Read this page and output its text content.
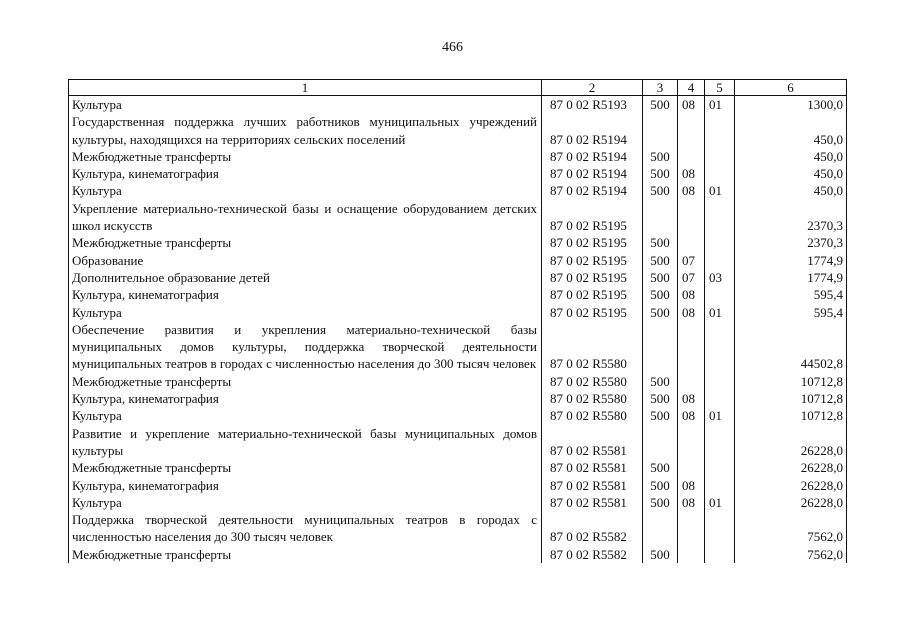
466
1	2	3	4	5	6
Культура	87 0 02 R5193	500	08	01	1300,0
Государственная поддержка лучших работников муниципальных учреждений культуры, находящихся на территориях сельских поселений	87 0 02 R5194				450,0
Межбюджетные трансферты	87 0 02 R5194	500			450,0
Культура, кинематография	87 0 02 R5194	500	08		450,0
Культура	87 0 02 R5194	500	08	01	450,0
Укрепление материально-технической базы и оснащение оборудованием детских школ искусств	87 0 02 R5195				2370,3
Межбюджетные трансферты	87 0 02 R5195	500			2370,3
Образование	87 0 02 R5195	500	07		1774,9
Дополнительное образование детей	87 0 02 R5195	500	07	03	1774,9
Культура, кинематография	87 0 02 R5195	500	08		595,4
Культура	87 0 02 R5195	500	08	01	595,4
Обеспечение развития и укрепления материально-технической базы муниципальных домов культуры, поддержка творческой деятельности муниципальных театров в городах с численностью населения до 300 тысяч человек	87 0 02 R5580				44502,8
Межбюджетные трансферты	87 0 02 R5580	500			10712,8
Культура, кинематография	87 0 02 R5580	500	08		10712,8
Культура	87 0 02 R5580	500	08	01	10712,8
Развитие и укрепление материально-технической базы муниципальных домов культуры	87 0 02 R5581				26228,0
Межбюджетные трансферты	87 0 02 R5581	500			26228,0
Культура, кинематография	87 0 02 R5581	500	08		26228,0
Культура	87 0 02 R5581	500	08	01	26228,0
Поддержка творческой деятельности муниципальных театров в городах с численностью населения до 300 тысяч человек	87 0 02 R5582				7562,0
Межбюджетные трансферты	87 0 02 R5582	500			7562,0
